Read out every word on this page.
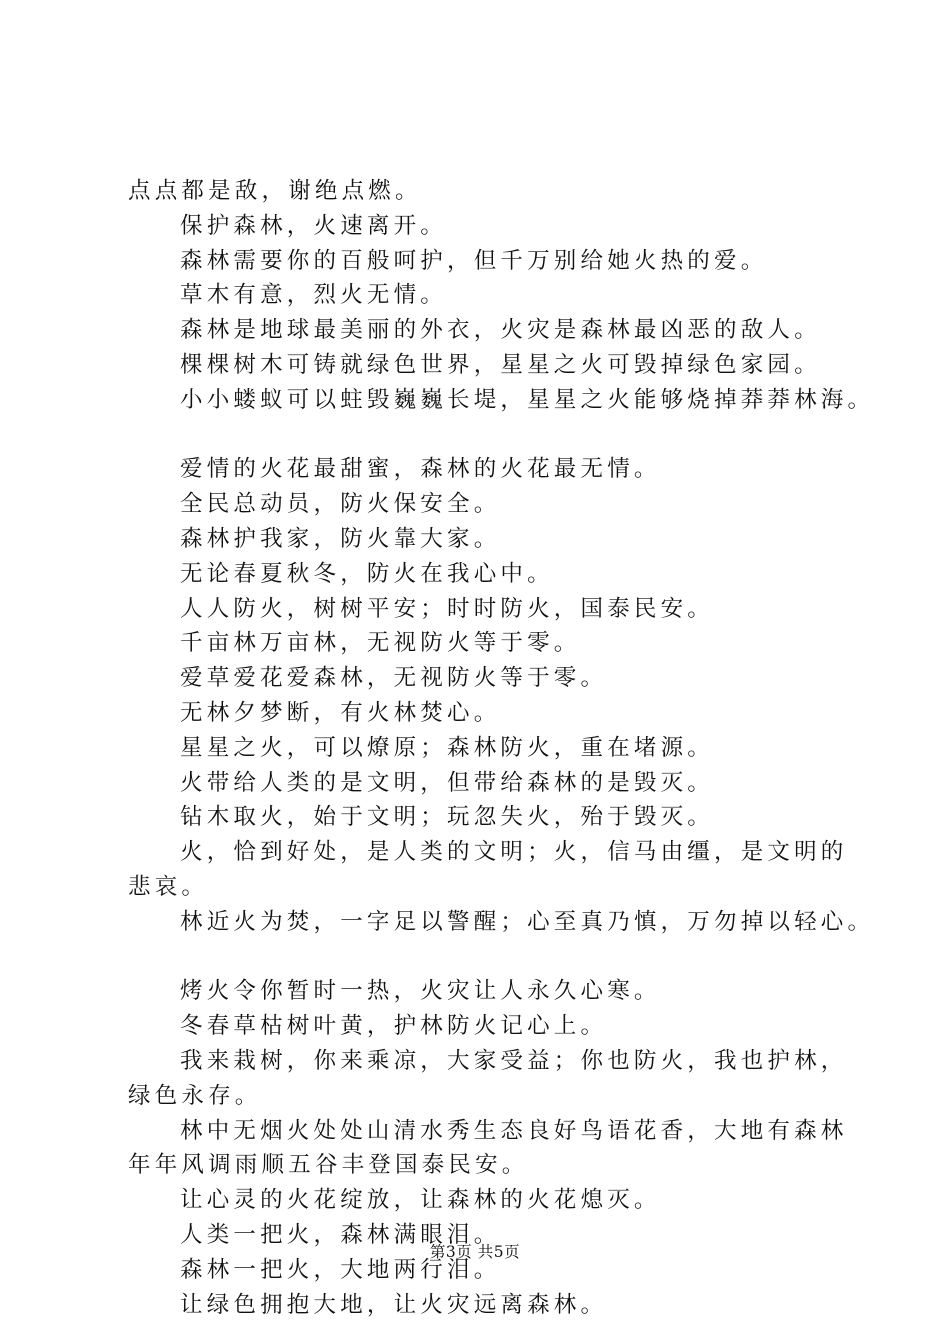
点点都是敌，谢绝点燃。
保护森林，火速离开。
森林需要你的百般呵护，但千万别给她火热的爱。
草木有意，烈火无情。
森林是地球最美丽的外衣，火灾是森林最凶恶的敌人。
棵棵树木可铸就绿色世界，星星之火可毁掉绿色家园。
小小蝼蚁可以蛀毁巍巍长堤，星星之火能够烧掉莽莽林海。
爱情的火花最甜蜜，森林的火花最无情。
全民总动员，防火保安全。
森林护我家，防火靠大家。
无论春夏秋冬，防火在我心中。
人人防火，树树平安；时时防火，国泰民安。
千亩林万亩林，无视防火等于零。
爱草爱花爱森林，无视防火等于零。
无林夕梦断，有火林焚心。
星星之火，可以燎原；森林防火，重在堵源。
火带给人类的是文明，但带给森林的是毁灭。
钻木取火，始于文明；玩忽失火，殆于毁灭。
火，恰到好处，是人类的文明；火，信马由缰，是文明的
悲哀。
林近火为焚，一字足以警醒；心至真乃慎，万勿掉以轻心。
烤火令你暂时一热，火灾让人永久心寒。
冬春草枯树叶黄，护林防火记心上。
我来栽树，你来乘凉，大家受益；你也防火，我也护林，
绿色永存。
林中无烟火处处山清水秀生态良好鸟语花香，大地有森林
年年风调雨顺五谷丰登国泰民安。
让心灵的火花绽放，让森林的火花熄灭。
人类一把火，森林满眼泪。
森林一把火，大地两行泪。
让绿色拥抱大地，让火灾远离森林。
第3页 共5页
